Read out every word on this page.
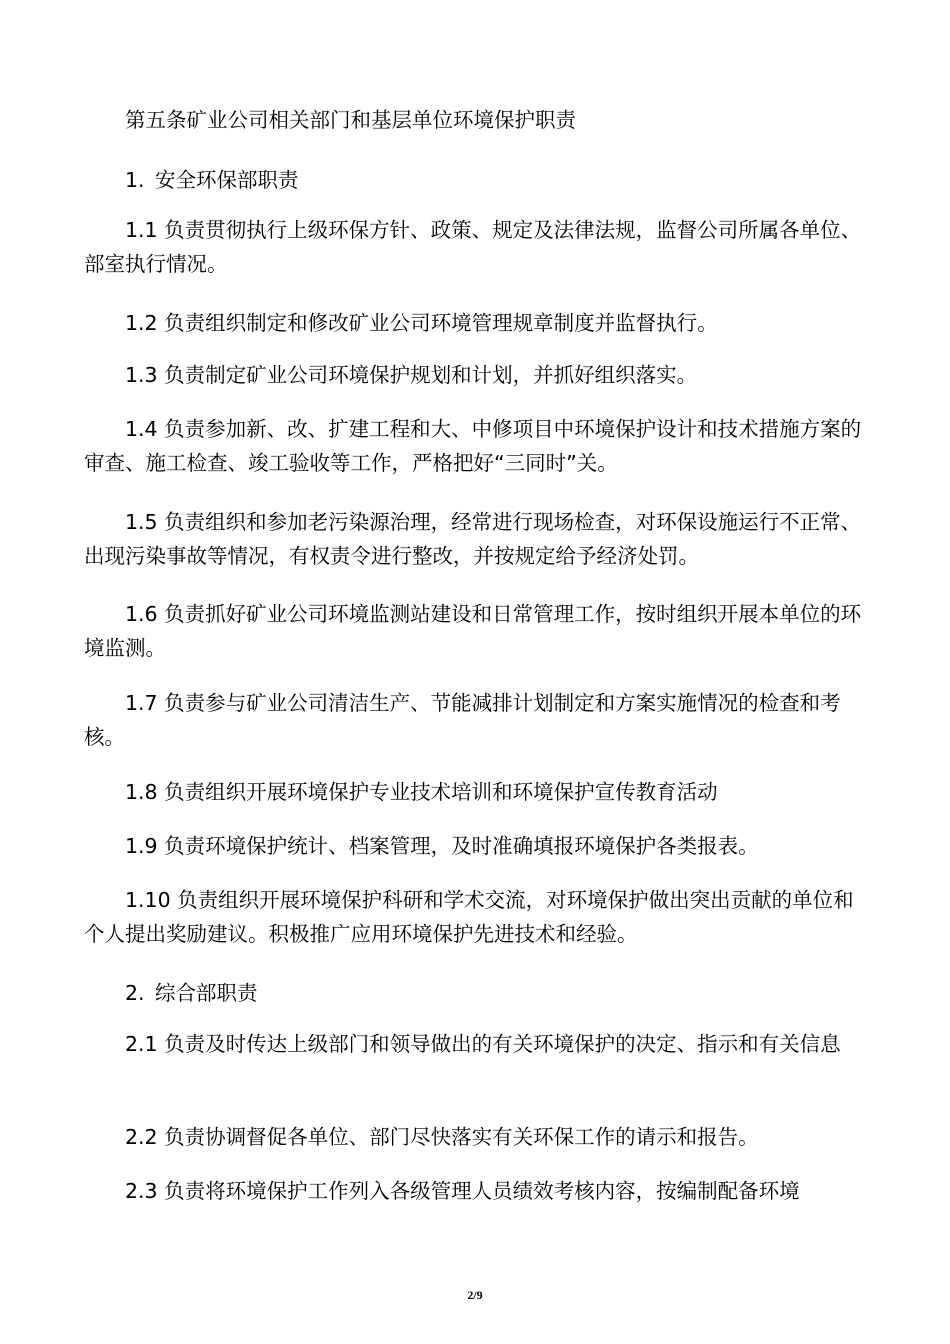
第五条矿业公司相关部门和基层单位环境保护职责

1. 安全环保部职责

1.1 负责贯彻执行上级环保方针、政策、规定及法律法规，监督公司所属各单位、部室执行情况。

1.2 负责组织制定和修改矿业公司环境管理规章制度并监督执行。

1.3 负责制定矿业公司环境保护规划和计划，并抓好组织落实。

1.4 负责参加新、改、扩建工程和大、中修项目中环境保护设计和技术措施方案的审查、施工检查、竣工验收等工作，严格把好“三同时”关。

1.5 负责组织和参加老污染源治理，经常进行现场检查，对环保设施运行不正常、出现污染事故等情况，有权责令进行整改，并按规定给予经济处罚。

1.6 负责抓好矿业公司环境监测站建设和日常管理工作，按时组织开展本单位的环境监测。

1.7 负责参与矿业公司清洁生产、节能减排计划制定和方案实施情况的检查和考核。

1.8 负责组织开展环境保护专业技术培训和环境保护宣传教育活动

1.9 负责环境保护统计、档案管理，及时准确填报环境保护各类报表。

1.10 负责组织开展环境保护科研和学术交流，对环境保护做出突出贡献的单位和个人提出奖励建议。积极推广应用环境保护先进技术和经验。

2. 综合部职责

2.1 负责及时传达上级部门和领导做出的有关环境保护的决定、指示和有关信息

2.2 负责协调督促各单位、部门尽快落实有关环保工作的请示和报告。

2.3 负责将环境保护工作列入各级管理人员绩效考核内容，按编制配备环境

2/9
